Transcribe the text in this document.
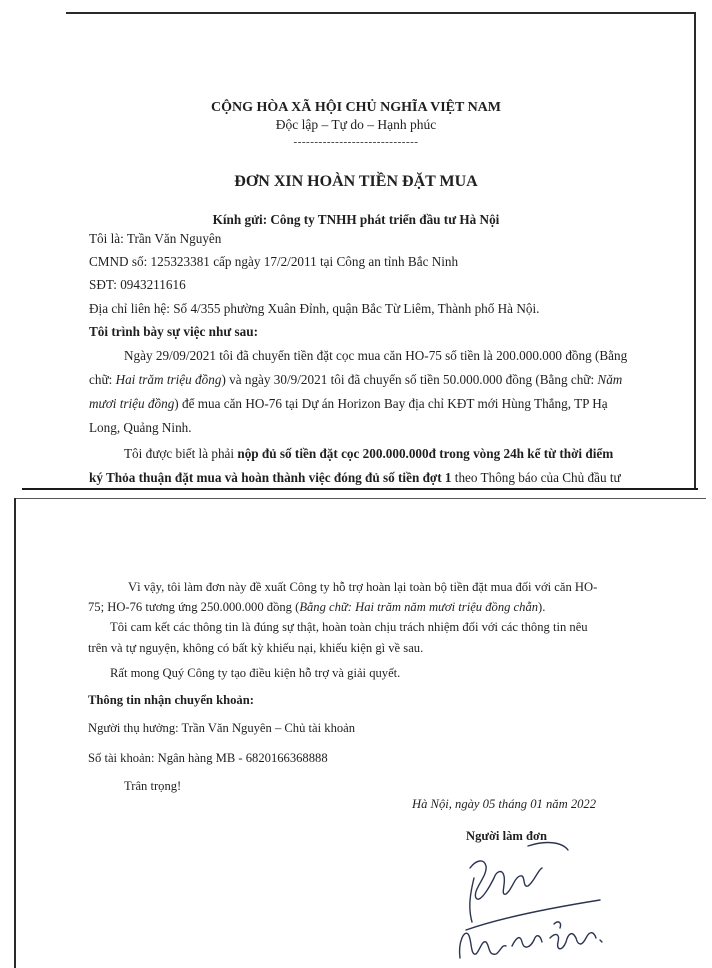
CỘNG HÒA XÃ HỘI CHỦ NGHĨA VIỆT NAM
Độc lập – Tự do – Hạnh phúc
------------------------------
ĐƠN XIN HOÀN TIỀN ĐẶT MUA
Kính gửi: Công ty TNHH phát triển đầu tư Hà Nội
Tôi là: Trần Văn Nguyên
CMND số: 125323381 cấp ngày 17/2/2011 tại Công an tỉnh Bắc Ninh
SĐT: 0943211616
Địa chỉ liên hệ: Số 4/355 phường Xuân Đỉnh, quận Bắc Từ Liêm, Thành phố Hà Nội.
Tôi trình bày sự việc như sau:
Ngày 29/09/2021 tôi đã chuyển tiền đặt cọc mua căn HO-75 số tiền là 200.000.000 đồng (Bằng
chữ: Hai trăm triệu đồng) và ngày 30/9/2021 tôi đã chuyển số tiền 50.000.000 đồng (Bằng chữ: Năm
mươi triệu đồng) để mua căn HO-76 tại Dự án Horizon Bay địa chỉ KĐT mới Hùng Thắng, TP Hạ
Long, Quảng Ninh.
Tôi được biết là phải nộp đủ số tiền đặt cọc 200.000.000đ trong vòng 24h kể từ thời điểm
ký Thỏa thuận đặt mua và hoàn thành việc đóng đủ số tiền đợt 1 theo Thông báo của Chủ đầu tư
Vì vậy, tôi làm đơn này đề xuất Công ty hỗ trợ hoàn lại toàn bộ tiền đặt mua đối với căn HO-
75; HO-76 tương ứng 250.000.000 đồng (Bằng chữ: Hai trăm năm mươi triệu đồng chẵn).
Tôi cam kết các thông tin là đúng sự thật, hoàn toàn chịu trách nhiệm đối với các thông tin nêu
trên và tự nguyện, không có bất kỳ khiếu nại, khiếu kiện gì về sau.
Rất mong Quý Công ty tạo điều kiện hỗ trợ và giải quyết.
Thông tin nhận chuyển khoản:
Người thụ hưởng: Trần Văn Nguyên – Chủ tài khoản
Số tài khoản: Ngân hàng MB - 6820166368888
Trân trọng!
Hà Nội, ngày 05 tháng 01 năm 2022
Người làm đơn
